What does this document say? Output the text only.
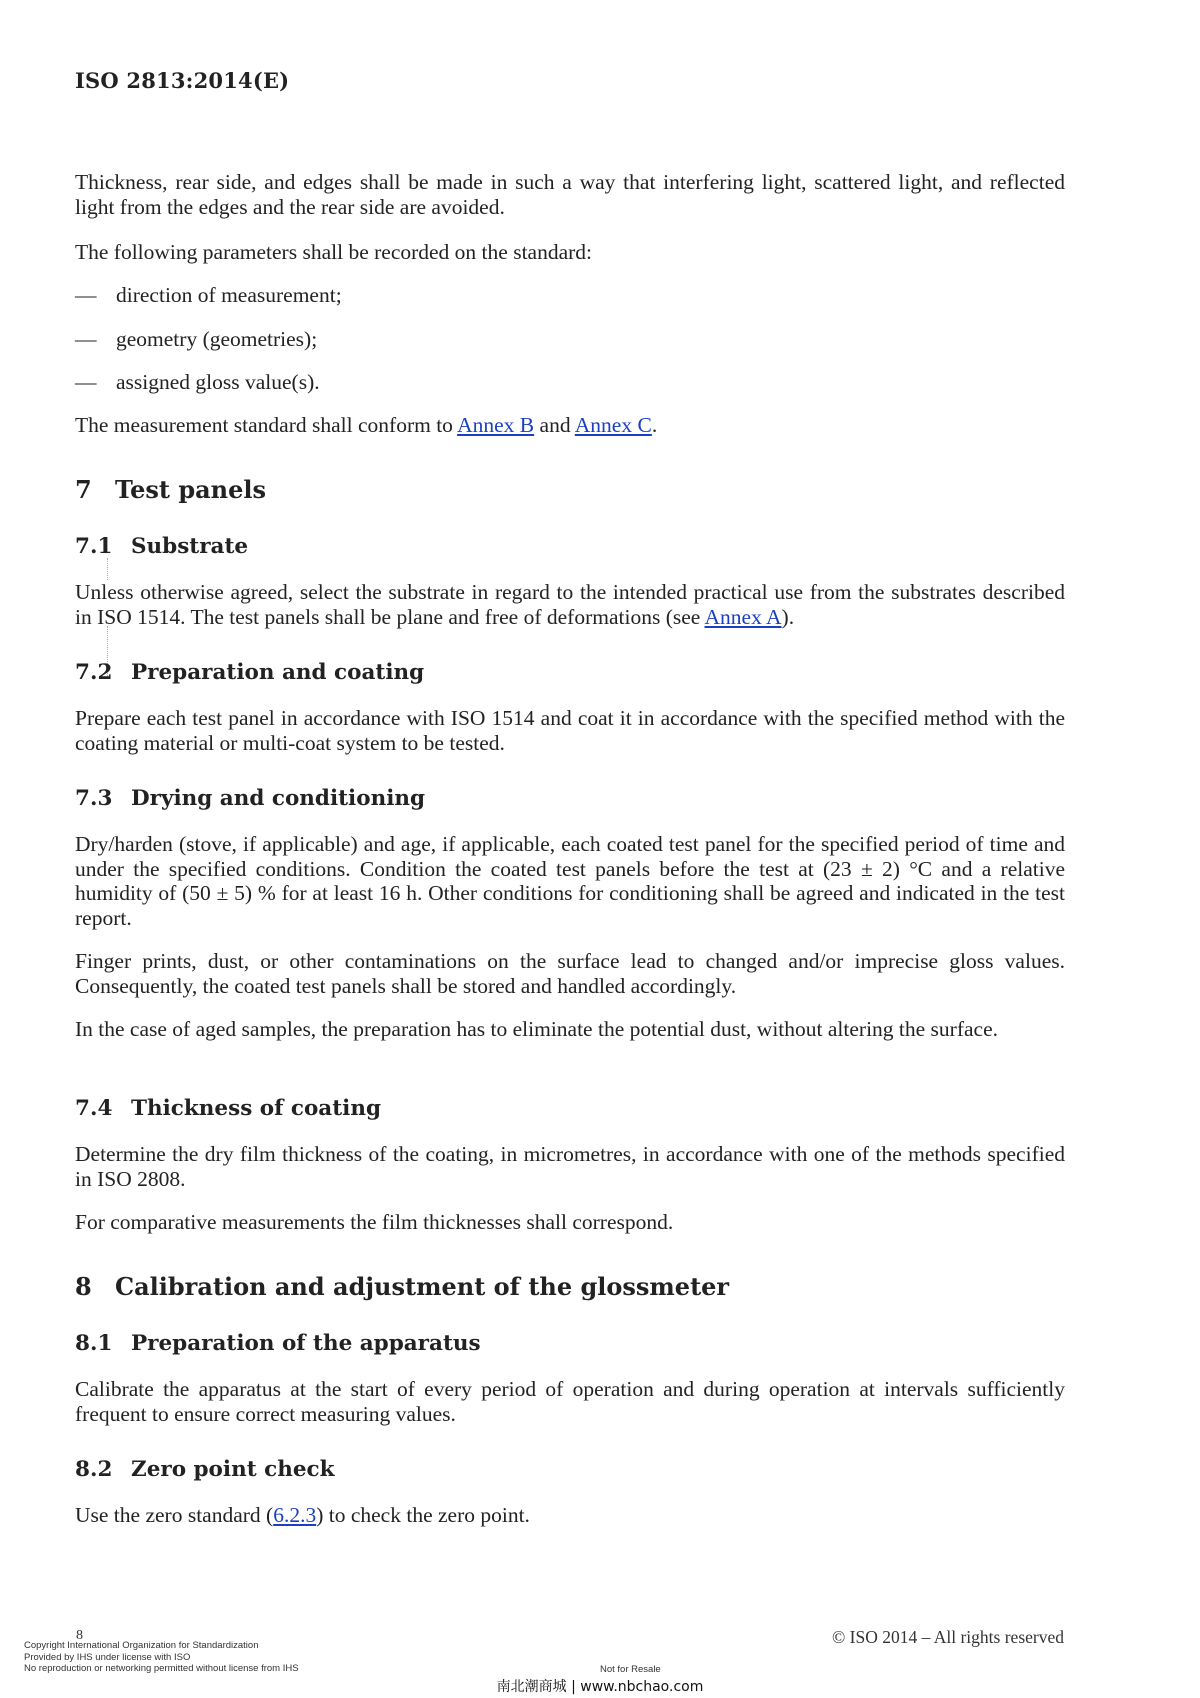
ISO 2813:2014(E)
Thickness, rear side, and edges shall be made in such a way that interfering light, scattered light, and reflected light from the edges and the rear side are avoided.
The following parameters shall be recorded on the standard:
— direction of measurement;
— geometry (geometries);
— assigned gloss value(s).
The measurement standard shall conform to Annex B and Annex C.
7 Test panels
7.1 Substrate
Unless otherwise agreed, select the substrate in regard to the intended practical use from the substrates described in ISO 1514. The test panels shall be plane and free of deformations (see Annex A).
7.2 Preparation and coating
Prepare each test panel in accordance with ISO 1514 and coat it in accordance with the specified method with the coating material or multi-coat system to be tested.
7.3 Drying and conditioning
Dry/harden (stove, if applicable) and age, if applicable, each coated test panel for the specified period of time and under the specified conditions. Condition the coated test panels before the test at (23 ± 2) °C and a relative humidity of (50 ± 5) % for at least 16 h. Other conditions for conditioning shall be agreed and indicated in the test report.
Finger prints, dust, or other contaminations on the surface lead to changed and/or imprecise gloss values. Consequently, the coated test panels shall be stored and handled accordingly.
In the case of aged samples, the preparation has to eliminate the potential dust, without altering the surface.
7.4 Thickness of coating
Determine the dry film thickness of the coating, in micrometres, in accordance with one of the methods specified in ISO 2808.
For comparative measurements the film thicknesses shall correspond.
8 Calibration and adjustment of the glossmeter
8.1 Preparation of the apparatus
Calibrate the apparatus at the start of every period of operation and during operation at intervals sufficiently frequent to ensure correct measuring values.
8.2 Zero point check
Use the zero standard (6.2.3) to check the zero point.
8
Copyright International Organization for Standardization
Provided by IHS under license with ISO
No reproduction or networking permitted without license from IHS
© ISO 2014 – All rights reserved
Not for Resale
南北潮商城 | www.nbchao.com
